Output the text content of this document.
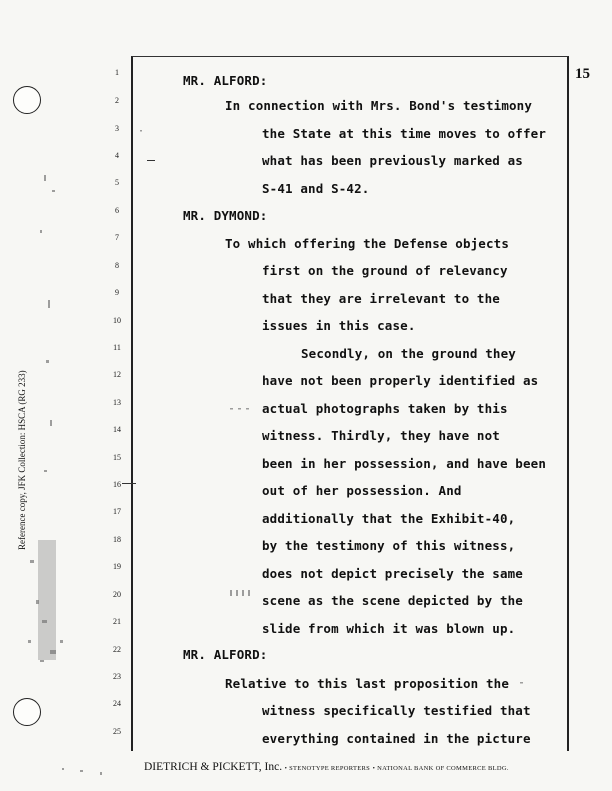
15
Reference copy, JFK Collection: HSCA (RG 233)
1
2
3
4
5
6
7
8
9
10
11
12
13
14
15
16
17
18
19
20
21
22
23
24
25
MR. ALFORD:
In connection with Mrs. Bond's testimony
the State at this time moves to offer
what has been previously marked as
S-41 and S-42.
MR. DYMOND:
To which offering the Defense objects
first on the ground of relevancy
that they are irrelevant to the
issues in this case.
Secondly, on the ground they
have not been properly identified as
actual photographs taken by this
witness. Thirdly, they have not
been in her possession, and have been
out of her possession. And
additionally that the Exhibit-40,
by the testimony of this witness,
does not depict precisely the same
scene as the scene depicted by the
slide from which it was blown up.
MR. ALFORD:
Relative to this last proposition the
witness specifically testified that
everything contained in the picture
DIETRICH & PICKETT, Inc. • STENOTYPE REPORTERS • NATIONAL BANK OF COMMERCE BLDG.
